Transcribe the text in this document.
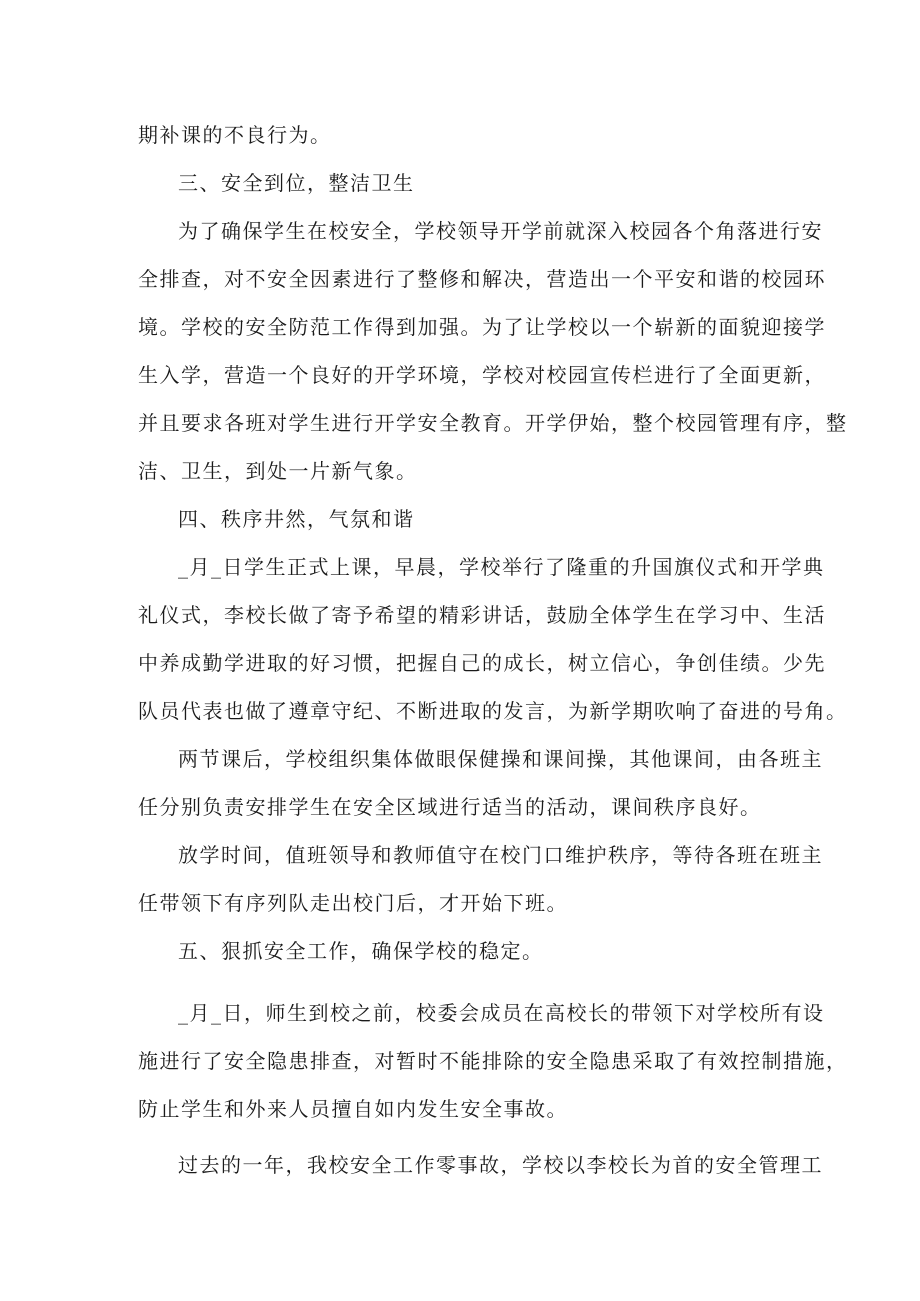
期补课的不良行为。
三、安全到位，整洁卫生
为了确保学生在校安全，学校领导开学前就深入校园各个角落进行安
全排查，对不安全因素进行了整修和解决，营造出一个平安和谐的校园环
境。学校的安全防范工作得到加强。为了让学校以一个崭新的面貌迎接学
生入学，营造一个良好的开学环境，学校对校园宣传栏进行了全面更新，
并且要求各班对学生进行开学安全教育。开学伊始，整个校园管理有序，整
洁、卫生，到处一片新气象。
四、秩序井然，气氛和谐
_月_日学生正式上课，早晨，学校举行了隆重的升国旗仪式和开学典
礼仪式，李校长做了寄予希望的精彩讲话，鼓励全体学生在学习中、生活
中养成勤学进取的好习惯，把握自己的成长，树立信心，争创佳绩。少先
队员代表也做了遵章守纪、不断进取的发言，为新学期吹响了奋进的号角。
两节课后，学校组织集体做眼保健操和课间操，其他课间，由各班主
任分别负责安排学生在安全区域进行适当的活动，课间秩序良好。
放学时间，值班领导和教师值守在校门口维护秩序，等待各班在班主
任带领下有序列队走出校门后，才开始下班。
五、狠抓安全工作，确保学校的稳定。
_月_日，师生到校之前，校委会成员在高校长的带领下对学校所有设
施进行了安全隐患排查，对暂时不能排除的安全隐患采取了有效控制措施，
防止学生和外来人员擅自如内发生安全事故。
过去的一年，我校安全工作零事故，学校以李校长为首的安全管理工
